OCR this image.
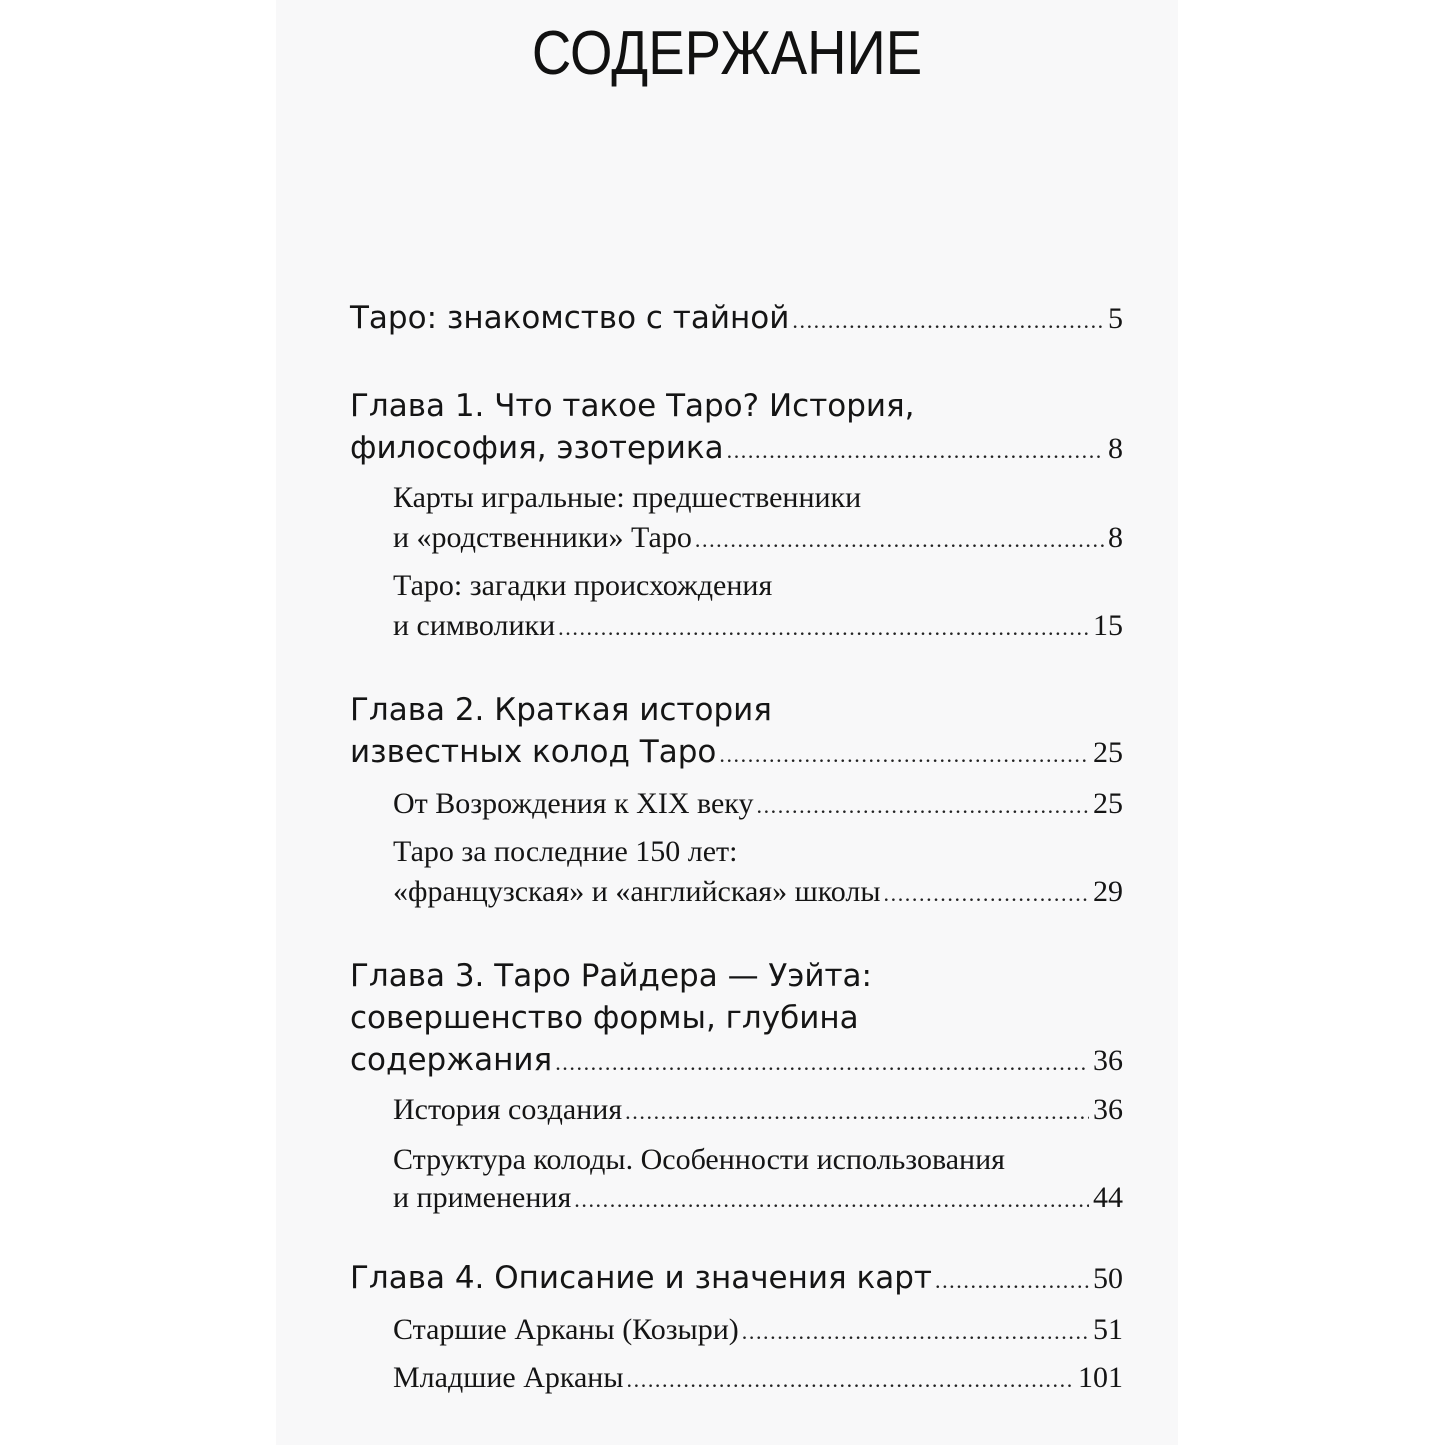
СОДЕРЖАНИЕ
Таро: знакомство с тайной .....	5
Глава 1. Что такое Таро? История,
философия, эзотерика .....	8
Карты игральные: предшественники
и «родственники» Таро .....	8
Таро: загадки происхождения
и символики .....	15
Глава 2. Краткая история
известных колод Таро .....	25
От Возрождения к XIX веку .....	25
Таро за последние 150 лет:
«французская» и «английская» школы .....	29
Глава 3. Таро Райдера — Уэйта:
совершенство формы, глубина
содержания .....	36
История создания .....	36
Структура колоды. Особенности использования
и применения .....	44
Глава 4. Описание и значения карт .....	50
Старшие Арканы (Козыри) .....	51
Младшие Арканы .....	101
